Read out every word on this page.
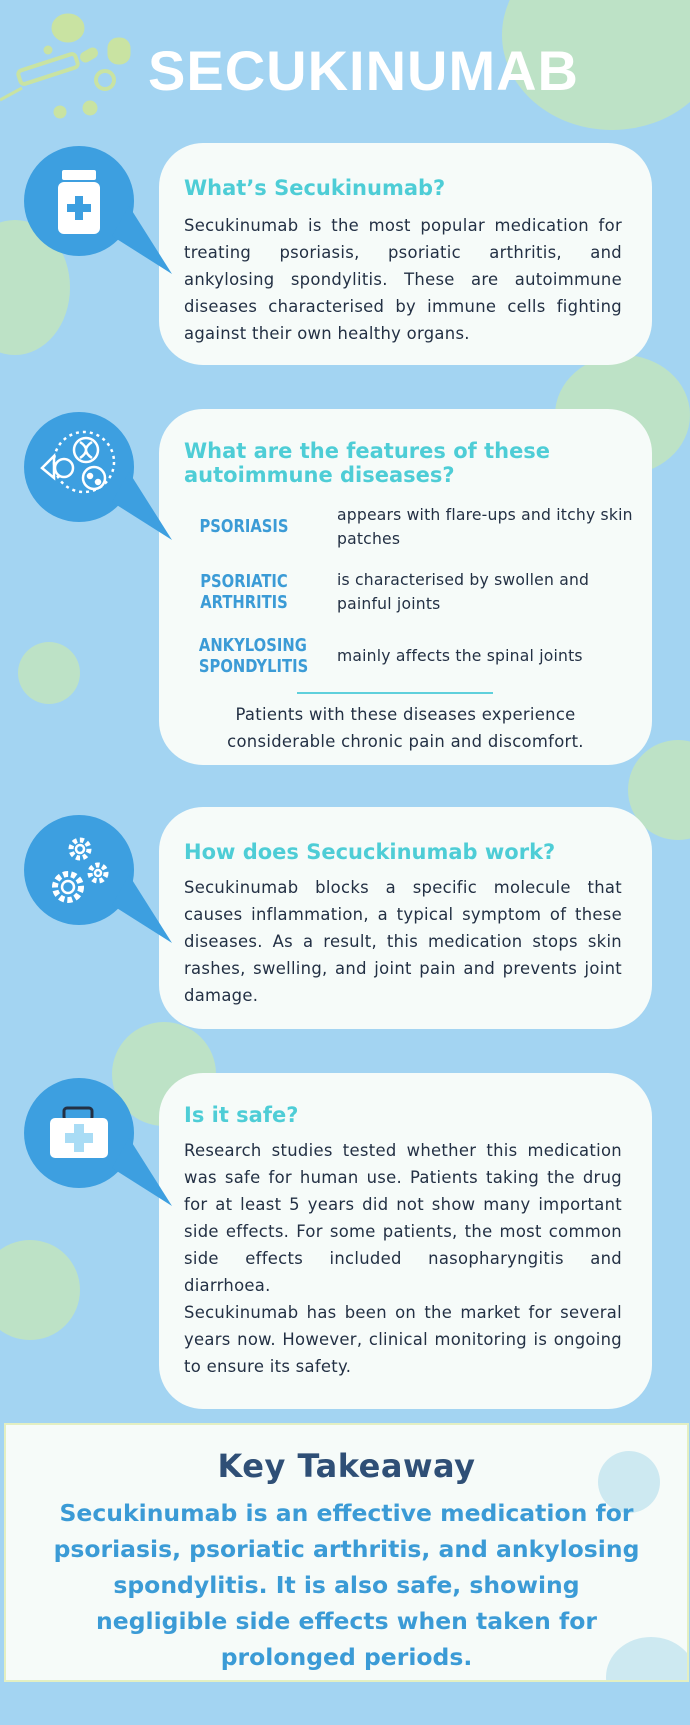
SECUKINUMAB
What’s Secukinumab?

Secukinumab is the most popular medication for treating psoriasis, psoriatic arthritis, and ankylosing spondylitis. These are autoimmune diseases characterised by immune cells fighting against their own healthy organs.

What are the features of these autoimmune diseases?
PSORIASIS
appears with flare-ups and itchy skin patches
PSORIATIC ARTHRITIS
is characterised by swollen and painful joints
ANKYLOSING SPONDYLITIS mainly affects the spinal joints

Patients with these diseases experience considerable chronic pain and discomfort.

How does Secuckinumab work?

Secukinumab blocks a specific molecule that causes inflammation, a typical symptom of these diseases. As a result, this medication stops skin rashes, swelling, and joint pain and prevents joint damage.

Is it safe?

Research studies tested whether this medication was safe for human use. Patients taking the drug for at least 5 years did not show many important side effects. For some patients, the most common side effects included nasopharyngitis and diarrhoea.

Secukinumab has been on the market for several years now. However, clinical monitoring is ongoing to ensure its safety.

Key Takeaway

Secukinumab is an effective medication for psoriasis, psoriatic arthritis, and ankylosing spondylitis. It is also safe, showing negligible side effects when taken for prolonged periods.
